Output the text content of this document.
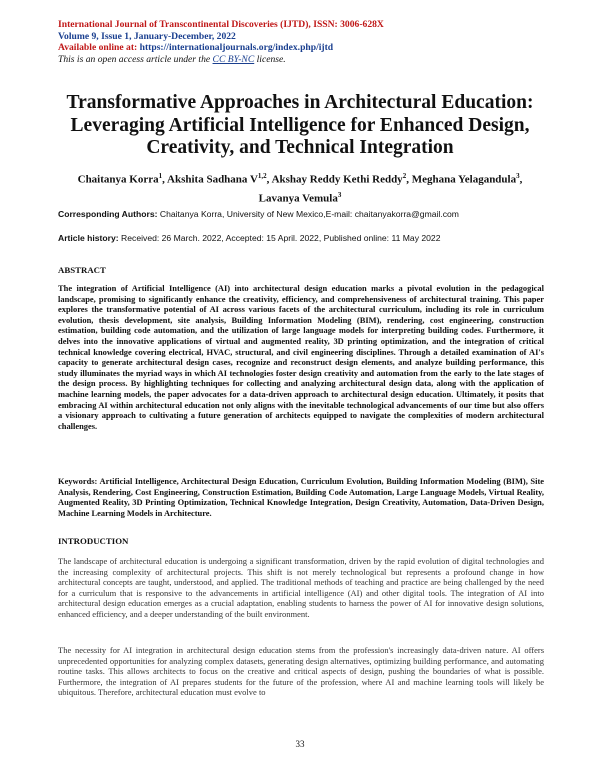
International Journal of Transcontinental Discoveries (IJTD), ISSN: 3006-628X
Volume 9, Issue 1, January-December, 2022
Available online at: https://internationaljournals.org/index.php/ijtd
This is an open access article under the CC BY-NC license.
Transformative Approaches in Architectural Education: Leveraging Artificial Intelligence for Enhanced Design, Creativity, and Technical Integration
Chaitanya Korra$^1$, Akshita Sadhana V$^{1,2}$, Akshay Reddy Kethi Reddy$^2$, Meghana Yelagandula$^3$,
Lavanya Vemula$^3$
Corresponding Authors: Chaitanya Korra, University of New Mexico,E-mail: chaitanyakorra@gmail.com
Article history: Received: 26 March. 2022, Accepted: 15 April. 2022, Published online: 11 May 2022
ABSTRACT
The integration of Artificial Intelligence (AI) into architectural design education marks a pivotal evolution in the pedagogical landscape, promising to significantly enhance the creativity, efficiency, and comprehensiveness of architectural training. This paper explores the transformative potential of AI across various facets of the architectural curriculum, including its role in curriculum evolution, thesis development, site analysis, Building Information Modeling (BIM), rendering, cost engineering, construction estimation, building code automation, and the utilization of large language models for interpreting building codes. Furthermore, it delves into the innovative applications of virtual and augmented reality, 3D printing optimization, and the integration of critical technical knowledge covering electrical, HVAC, structural, and civil engineering disciplines. Through a detailed examination of AI's capacity to generate architectural design cases, recognize and reconstruct design elements, and analyze building performance, this study illuminates the myriad ways in which AI technologies foster design creativity and automation from the early to the late stages of the design process. By highlighting techniques for collecting and analyzing architectural design data, along with the application of machine learning models, the paper advocates for a data-driven approach to architectural design education. Ultimately, it posits that embracing AI within architectural education not only aligns with the inevitable technological advancements of our time but also offers a visionary approach to cultivating a future generation of architects equipped to navigate the complexities of modern architectural challenges.
Keywords: Artificial Intelligence, Architectural Design Education, Curriculum Evolution, Building Information Modeling (BIM), Site Analysis, Rendering, Cost Engineering, Construction Estimation, Building Code Automation, Large Language Models, Virtual Reality, Augmented Reality, 3D Printing Optimization, Technical Knowledge Integration, Design Creativity, Automation, Data-Driven Design, Machine Learning Models in Architecture.
INTRODUCTION
The landscape of architectural education is undergoing a significant transformation, driven by the rapid evolution of digital technologies and the increasing complexity of architectural projects. This shift is not merely technological but represents a profound change in how architectural concepts are taught, understood, and applied. The traditional methods of teaching and practice are being challenged by the need for a curriculum that is responsive to the advancements in artificial intelligence (AI) and other digital tools. The integration of AI into architectural design education emerges as a crucial adaptation, enabling students to harness the power of AI for innovative design solutions, enhanced efficiency, and a deeper understanding of the built environment.
The necessity for AI integration in architectural design education stems from the profession's increasingly data-driven nature. AI offers unprecedented opportunities for analyzing complex datasets, generating design alternatives, optimizing building performance, and automating routine tasks. This allows architects to focus on the creative and critical aspects of design, pushing the boundaries of what is possible. Furthermore, the integration of AI prepares students for the future of the profession, where AI and machine learning tools will likely be ubiquitous. Therefore, architectural education must evolve to
33
